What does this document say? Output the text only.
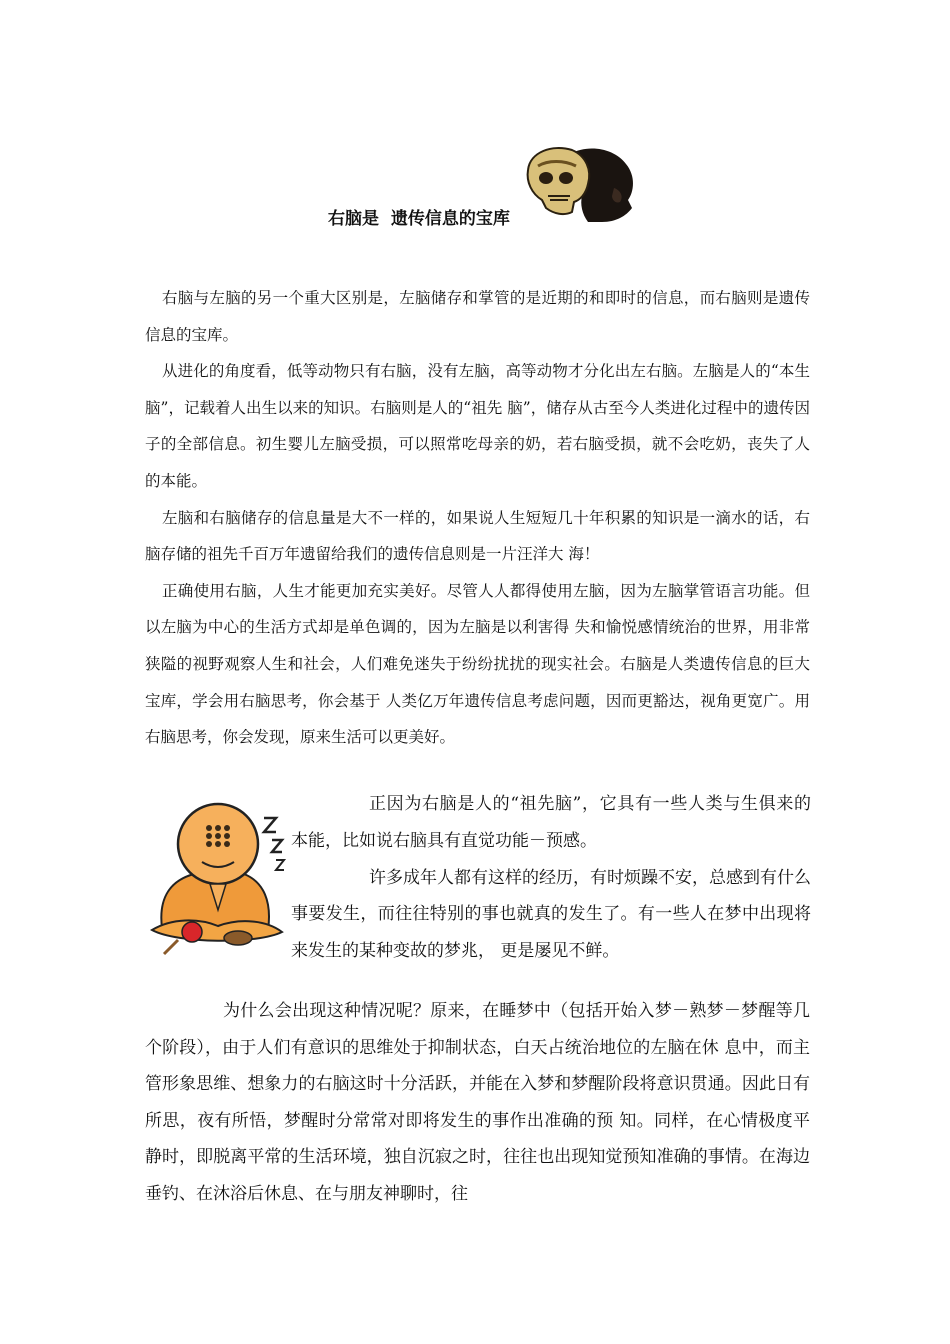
右脑是  遗传信息的宝库

右脑与左脑的另一个重大区别是，左脑储存和掌管的是近期的和即时的信息，而右脑则是遗传信息的宝库。

从进化的角度看，低等动物只有右脑，没有左脑，高等动物才分化出左右脑。左脑是人的“本生脑”，记载着人出生以来的知识。右脑则是人的“祖先 脑”，储存从古至今人类进化过程中的遗传因子的全部信息。初生婴儿左脑受损，可以照常吃母亲的奶，若右脑受损，就不会吃奶，丧失了人的本能。

左脑和右脑储存的信息量是大不一样的，如果说人生短短几十年积累的知识是一滴水的话，右脑存储的祖先千百万年遗留给我们的遗传信息则是一片汪洋大 海！

正确使用右脑，人生才能更加充实美好。尽管人人都得使用左脑，因为左脑掌管语言功能。但以左脑为中心的生活方式却是单色调的，因为左脑是以利害得 失和愉悦感情统治的世界，用非常狭隘的视野观察人生和社会，人们难免迷失于纷纷扰扰的现实社会。右脑是人类遗传信息的巨大宝库，学会用右脑思考，你会基于 人类亿万年遗传信息考虑问题，因而更豁达，视角更宽广。用右脑思考，你会发现，原来生活可以更美好。

正因为右脑是人的“祖先脑”，它具有一些人类与生俱来的本能，比如说右脑具有直觉功能－预感。

许多成年人都有这样的经历，有时烦躁不安，总感到有什么事要发生，而往往特别的事也就真的发生了。有一些人在梦中出现将来发生的某种变故的梦兆， 更是屡见不鲜。

为什么会出现这种情况呢？原来，在睡梦中（包括开始入梦－熟梦－梦醒等几个阶段），由于人们有意识的思维处于抑制状态，白天占统治地位的左脑在休 息中，而主管形象思维、想象力的右脑这时十分活跃，并能在入梦和梦醒阶段将意识贯通。因此日有所思，夜有所悟，梦醒时分常常对即将发生的事作出准确的预 知。同样，在心情极度平静时，即脱离平常的生活环境，独自沉寂之时，往往也出现知觉预知准确的事情。在海边垂钓、在沐浴后休息、在与朋友神聊时，往
